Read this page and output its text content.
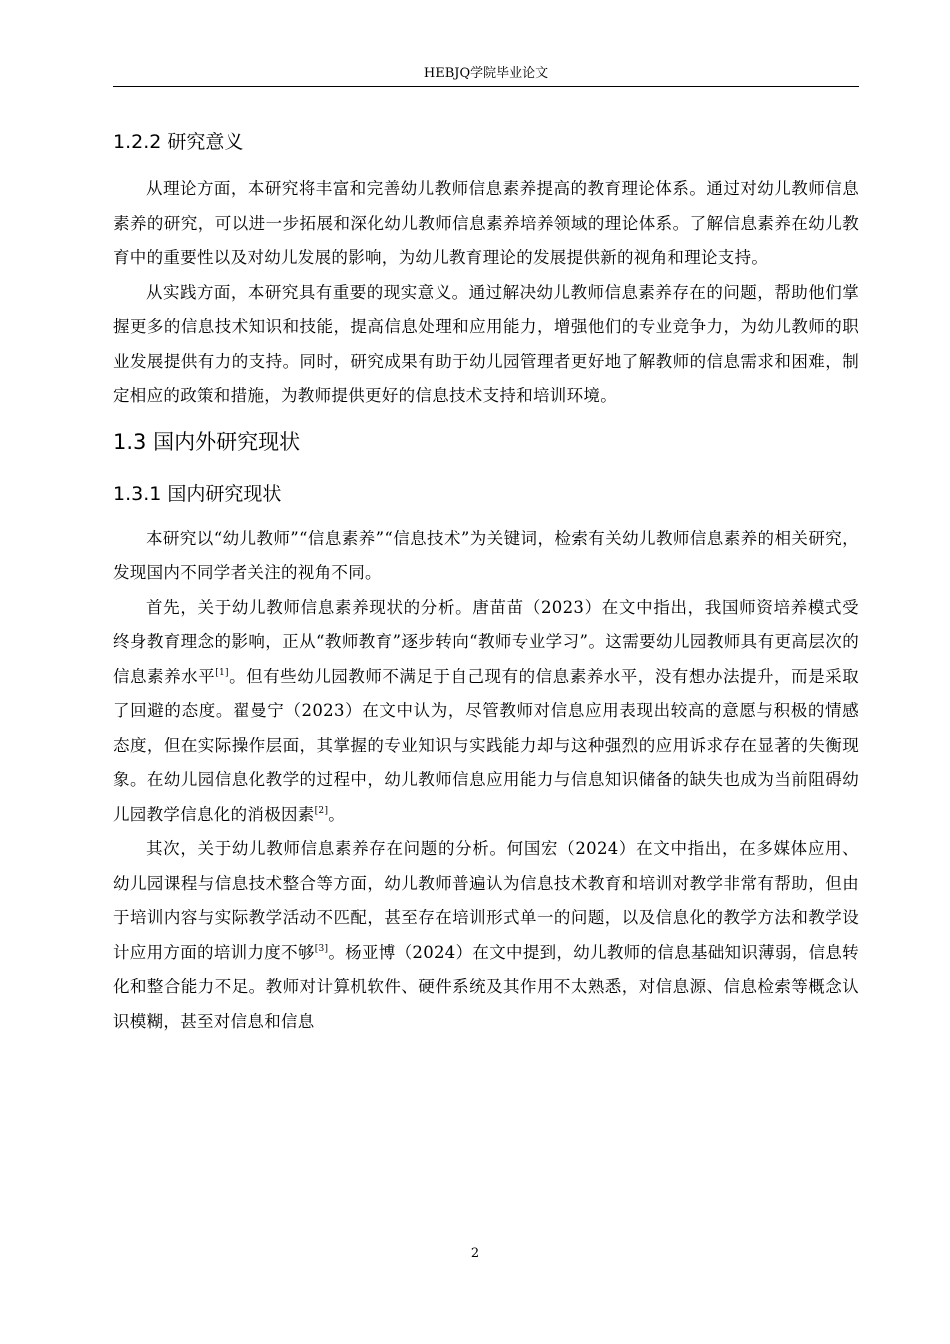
HEBJQ学院毕业论文
1.2.2 研究意义

从理论方面，本研究将丰富和完善幼儿教师信息素养提高的教育理论体系。通过对幼儿教师信息素养的研究，可以进一步拓展和深化幼儿教师信息素养培养领域的理论体系。了解信息素养在幼儿教育中的重要性以及对幼儿发展的影响，为幼儿教育理论的发展提供新的视角和理论支持。

从实践方面，本研究具有重要的现实意义。通过解决幼儿教师信息素养存在的问题，帮助他们掌握更多的信息技术知识和技能，提高信息处理和应用能力，增强他们的专业竞争力，为幼儿教师的职业发展提供有力的支持。同时，研究成果有助于幼儿园管理者更好地了解教师的信息需求和困难，制定相应的政策和措施，为教师提供更好的信息技术支持和培训环境。

1.3 国内外研究现状
1.3.1 国内研究现状

本研究以“幼儿教师”“信息素养”“信息技术”为关键词，检索有关幼儿教师信息素养的相关研究，发现国内不同学者关注的视角不同。

首先，关于幼儿教师信息素养现状的分析。唐苗苗（2023）在文中指出，我国师资培养模式受终身教育理念的影响，正从“教师教育”逐步转向“教师专业学习”。这需要幼儿园教师具有更高层次的信息素养水平[1]。但有些幼儿园教师不满足于自己现有的信息素养水平，没有想办法提升，而是采取了回避的态度。翟曼宁（2023）在文中认为，尽管教师对信息应用表现出较高的意愿与积极的情感态度，但在实际操作层面，其掌握的专业知识与实践能力却与这种强烈的应用诉求存在显著的失衡现象。在幼儿园信息化教学的过程中，幼儿教师信息应用能力与信息知识储备的缺失也成为当前阻碍幼儿园教学信息化的消极因素[2]。

其次，关于幼儿教师信息素养存在问题的分析。何国宏（2024）在文中指出，在多媒体应用、幼儿园课程与信息技术整合等方面，幼儿教师普遍认为信息技术教育和培训对教学非常有帮助，但由于培训内容与实际教学活动不匹配，甚至存在培训形式单一的问题，以及信息化的教学方法和教学设计应用方面的培训力度不够[3]。杨亚博（2024）在文中提到，幼儿教师的信息基础知识薄弱，信息转化和整合能力不足。教师对计算机软件、硬件系统及其作用不太熟悉，对信息源、信息检索等概念认识模糊，甚至对信息和信息

2
